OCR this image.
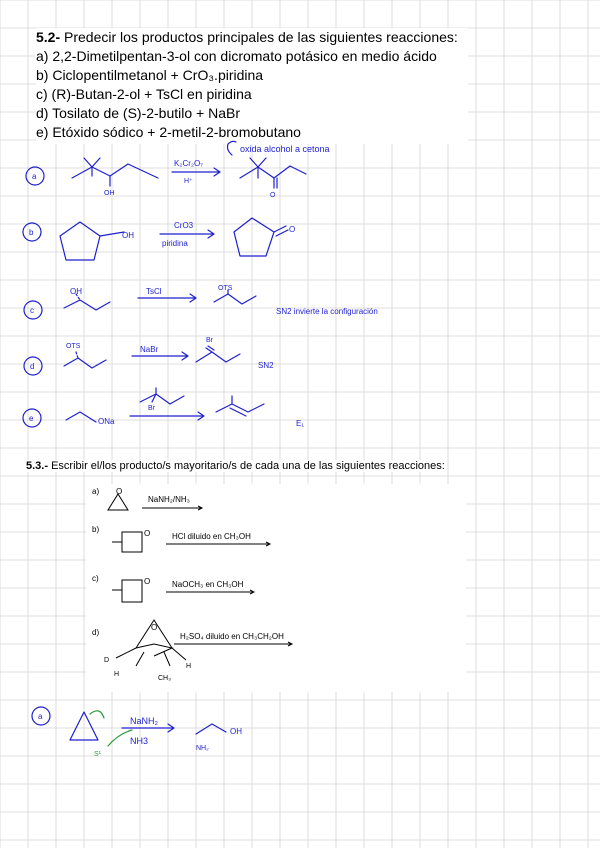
5.2- Predecir los productos principales de las siguientes reacciones:
a) 2,2-Dimetilpentan-3-ol con dicromato potásico en medio ácido
b) Ciclopentilmetanol + CrO₃.piridina
c) (R)-Butan-2-ol + TsCl en piridina
d) Tosilato de (S)-2-butilo + NaBr
e) Etóxido sódico + 2-metil-2-bromobutano
oxida alcohol a cetona
a
K₂Cr₂O₇
H⁺
OH	O
b	OH
CrO3
piridina
O
c
OH	TsCl	OTS
SN2 invierte la configuración
d
OTS	NaBr
Br
SN2
e	ONa
Br
E₁
5.3.- Escribir el/los producto/s mayoritario/s de cada una de las siguientes reacciones:
a) O
NaNH₂/NH₃
b)	O	HCl diluido en CH₃OH
c)	O	NaOCH₃ en CH₃OH
d)
O
H₂SO₄ diluido en CH₃CH₂OH
D
H
H
CH₃
a	NaNH₂
NH3
NH₂
OH
S¹
